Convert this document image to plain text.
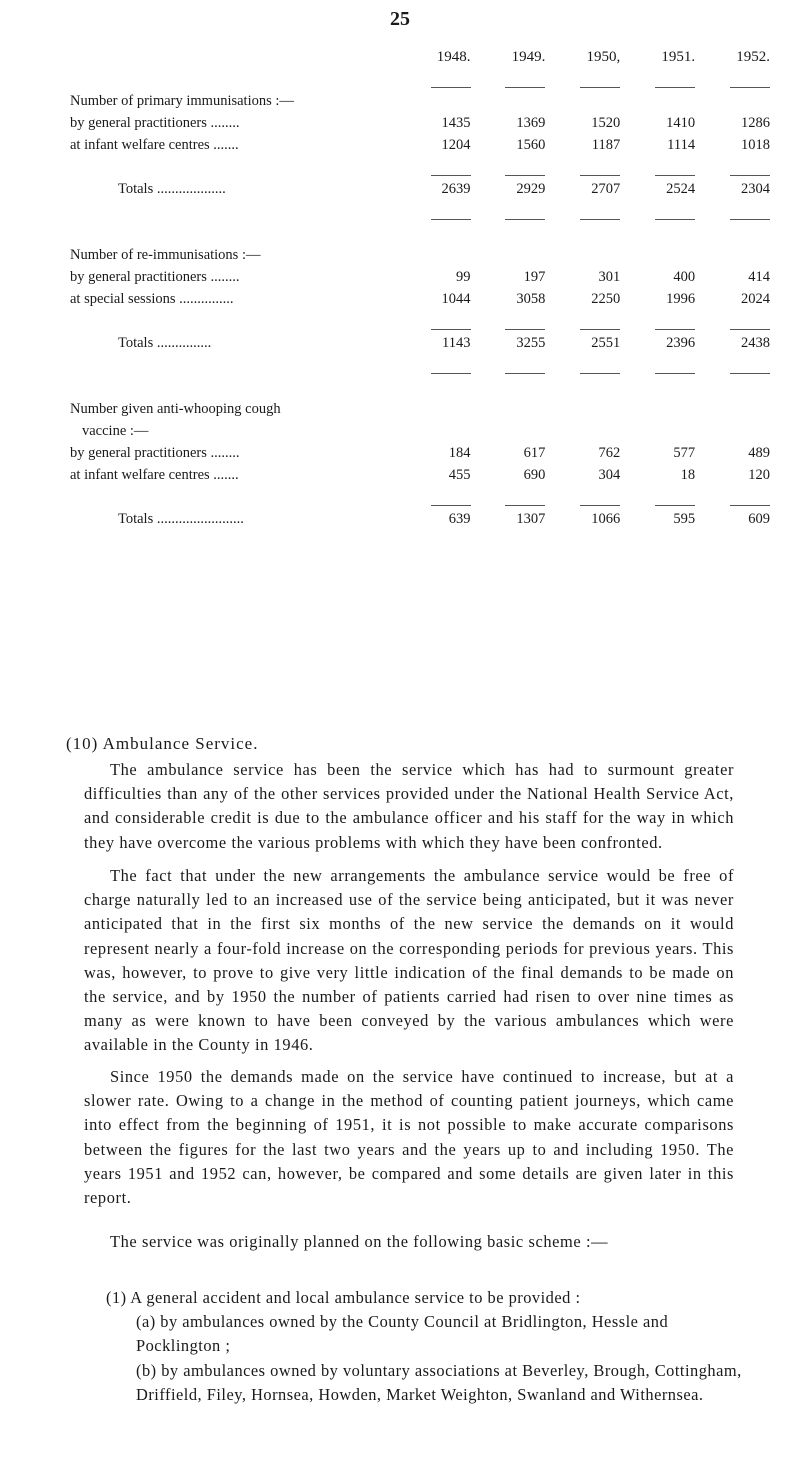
25
	1948.	1949.	1950,	1951.	1952.

Number of primary immunisations :—					
by general practitioners ........	1435	1369	1520	1410	1286
at infant welfare centres .......	1204	1560	1187	1114	1018

Totals ...................	2639	2929	2707	2524	2304

Number of re-immunisations :—					
by general practitioners ........	99	197	301	400	414
at special sessions ...............	1044	3058	2250	1996	2024

Totals ...............	1143	3255	2551	2396	2438

Number given anti-whooping cough					
vaccine :—					
by general practitioners ........	184	617	762	577	489
at infant welfare centres .......	455	690	304	18	120

Totals ........................	639	1307	1066	595	609
(10) Ambulance Service.

The ambulance service has been the service which has had to surmount greater difficulties than any of the other services provided under the National Health Service Act, and considerable credit is due to the ambulance officer and his staff for the way in which they have overcome the various problems with which they have been confronted.

The fact that under the new arrangements the ambulance service would be free of charge naturally led to an increased use of the service being anticipated, but it was never anticipated that in the first six months of the new service the demands on it would represent nearly a four-fold increase on the corresponding periods for previous years. This was, however, to prove to give very little indication of the final demands to be made on the service, and by 1950 the number of patients carried had risen to over nine times as many as were known to have been conveyed by the various ambulances which were available in the County in 1946.

Since 1950 the demands made on the service have continued to increase, but at a slower rate. Owing to a change in the method of counting patient journeys, which came into effect from the beginning of 1951, it is not possible to make accurate comparisons between the figures for the last two years and the years up to and including 1950. The years 1951 and 1952 can, however, be compared and some details are given later in this report.

The service was originally planned on the following basic scheme :—

(1) A general accident and local ambulance service to be provided :
(a) by ambulances owned by the County Council at Bridlington, Hessle and Pocklington ;
(b) by ambulances owned by voluntary associations at Beverley, Brough, Cottingham, Driffield, Filey, Hornsea, Howden, Market Weighton, Swanland and Withernsea.
